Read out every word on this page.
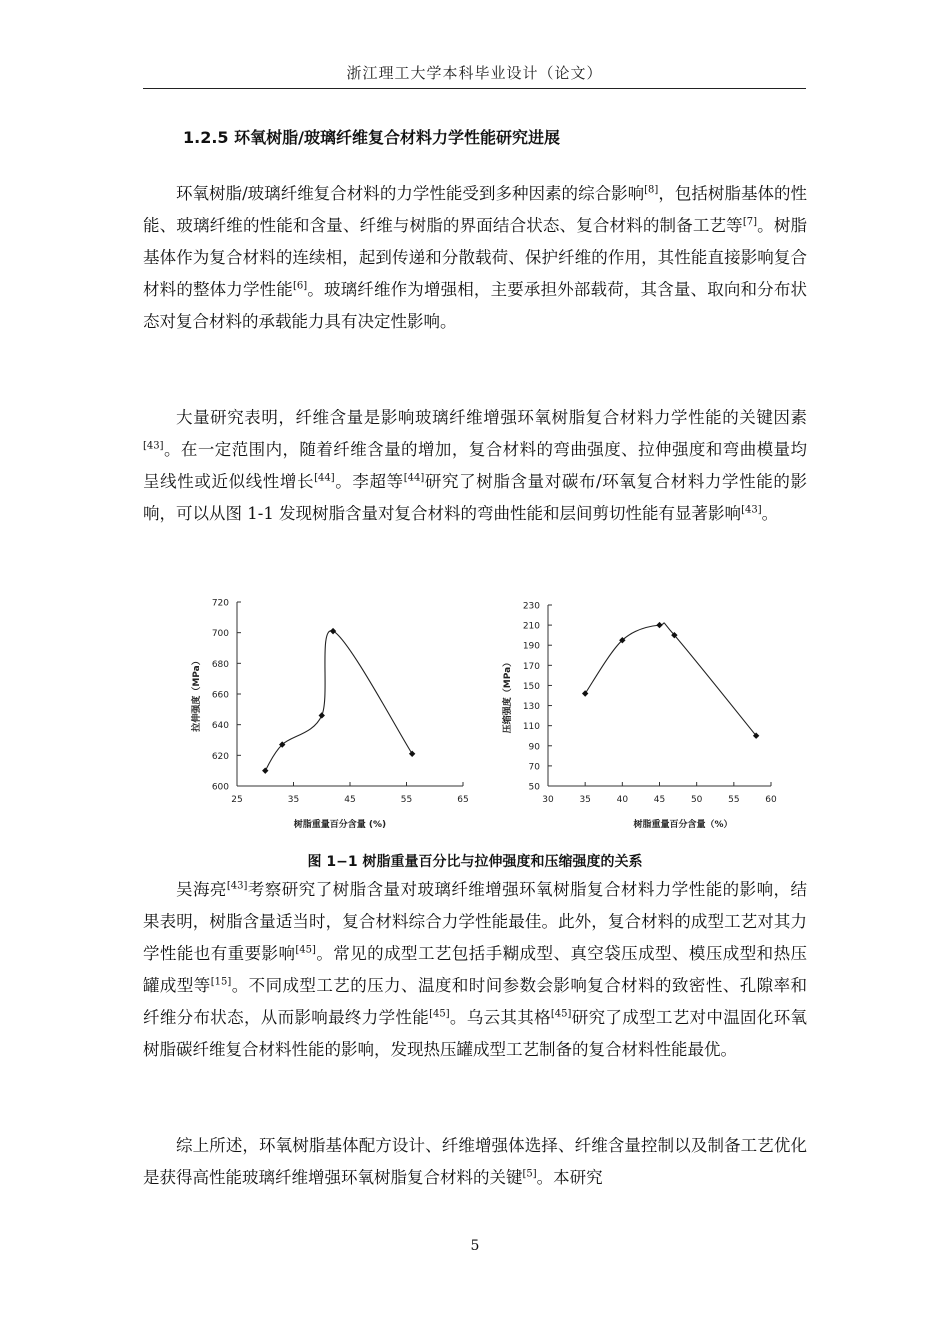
浙江理工大学本科毕业设计（论文）
1.2.5 环氧树脂/玻璃纤维复合材料力学性能研究进展

环氧树脂/玻璃纤维复合材料的力学性能受到多种因素的综合影响[8]，包括树脂基体的性能、玻璃纤维的性能和含量、纤维与树脂的界面结合状态、复合材料的制备工艺等[7]。树脂基体作为复合材料的连续相，起到传递和分散载荷、保护纤维的作用，其性能直接影响复合材料的整体力学性能[6]。玻璃纤维作为增强相，主要承担外部载荷，其含量、取向和分布状态对复合材料的承载能力具有决定性影响。

大量研究表明，纤维含量是影响玻璃纤维增强环氧树脂复合材料力学性能的关键因素[43]。在一定范围内，随着纤维含量的增加，复合材料的弯曲强度、拉伸强度和弯曲模量均呈线性或近似线性增长[44]。李超等[44]研究了树脂含量对碳布/环氧复合材料力学性能的影响，可以从图 1-1 发现树脂含量对复合材料的弯曲性能和层间剪切性能有显著影响[43]。

600
620
640
660
680
700
720
25	35	45	55	65
树脂重量百分含量 (%)
拉伸强度（MPa）
50
70
90
110
130
150
170
190
210
230
30	35	40	45	50	55	60
树脂重量百分含量（%）
压缩强度（MPa）
图 1−1 树脂重量百分比与拉伸强度和压缩强度的关系

吴海亮[43]考察研究了树脂含量对玻璃纤维增强环氧树脂复合材料力学性能的影响，结果表明，树脂含量适当时，复合材料综合力学性能最佳。此外，复合材料的成型工艺对其力学性能也有重要影响[45]。常见的成型工艺包括手糊成型、真空袋压成型、模压成型和热压罐成型等[15]。不同成型工艺的压力、温度和时间参数会影响复合材料的致密性、孔隙率和纤维分布状态，从而影响最终力学性能[45]。乌云其其格[45]研究了成型工艺对中温固化环氧树脂碳纤维复合材料性能的影响，发现热压罐成型工艺制备的复合材料性能最优。

综上所述，环氧树脂基体配方设计、纤维增强体选择、纤维含量控制以及制备工艺优化是获得高性能玻璃纤维增强环氧树脂复合材料的关键[5]。本研究

5
